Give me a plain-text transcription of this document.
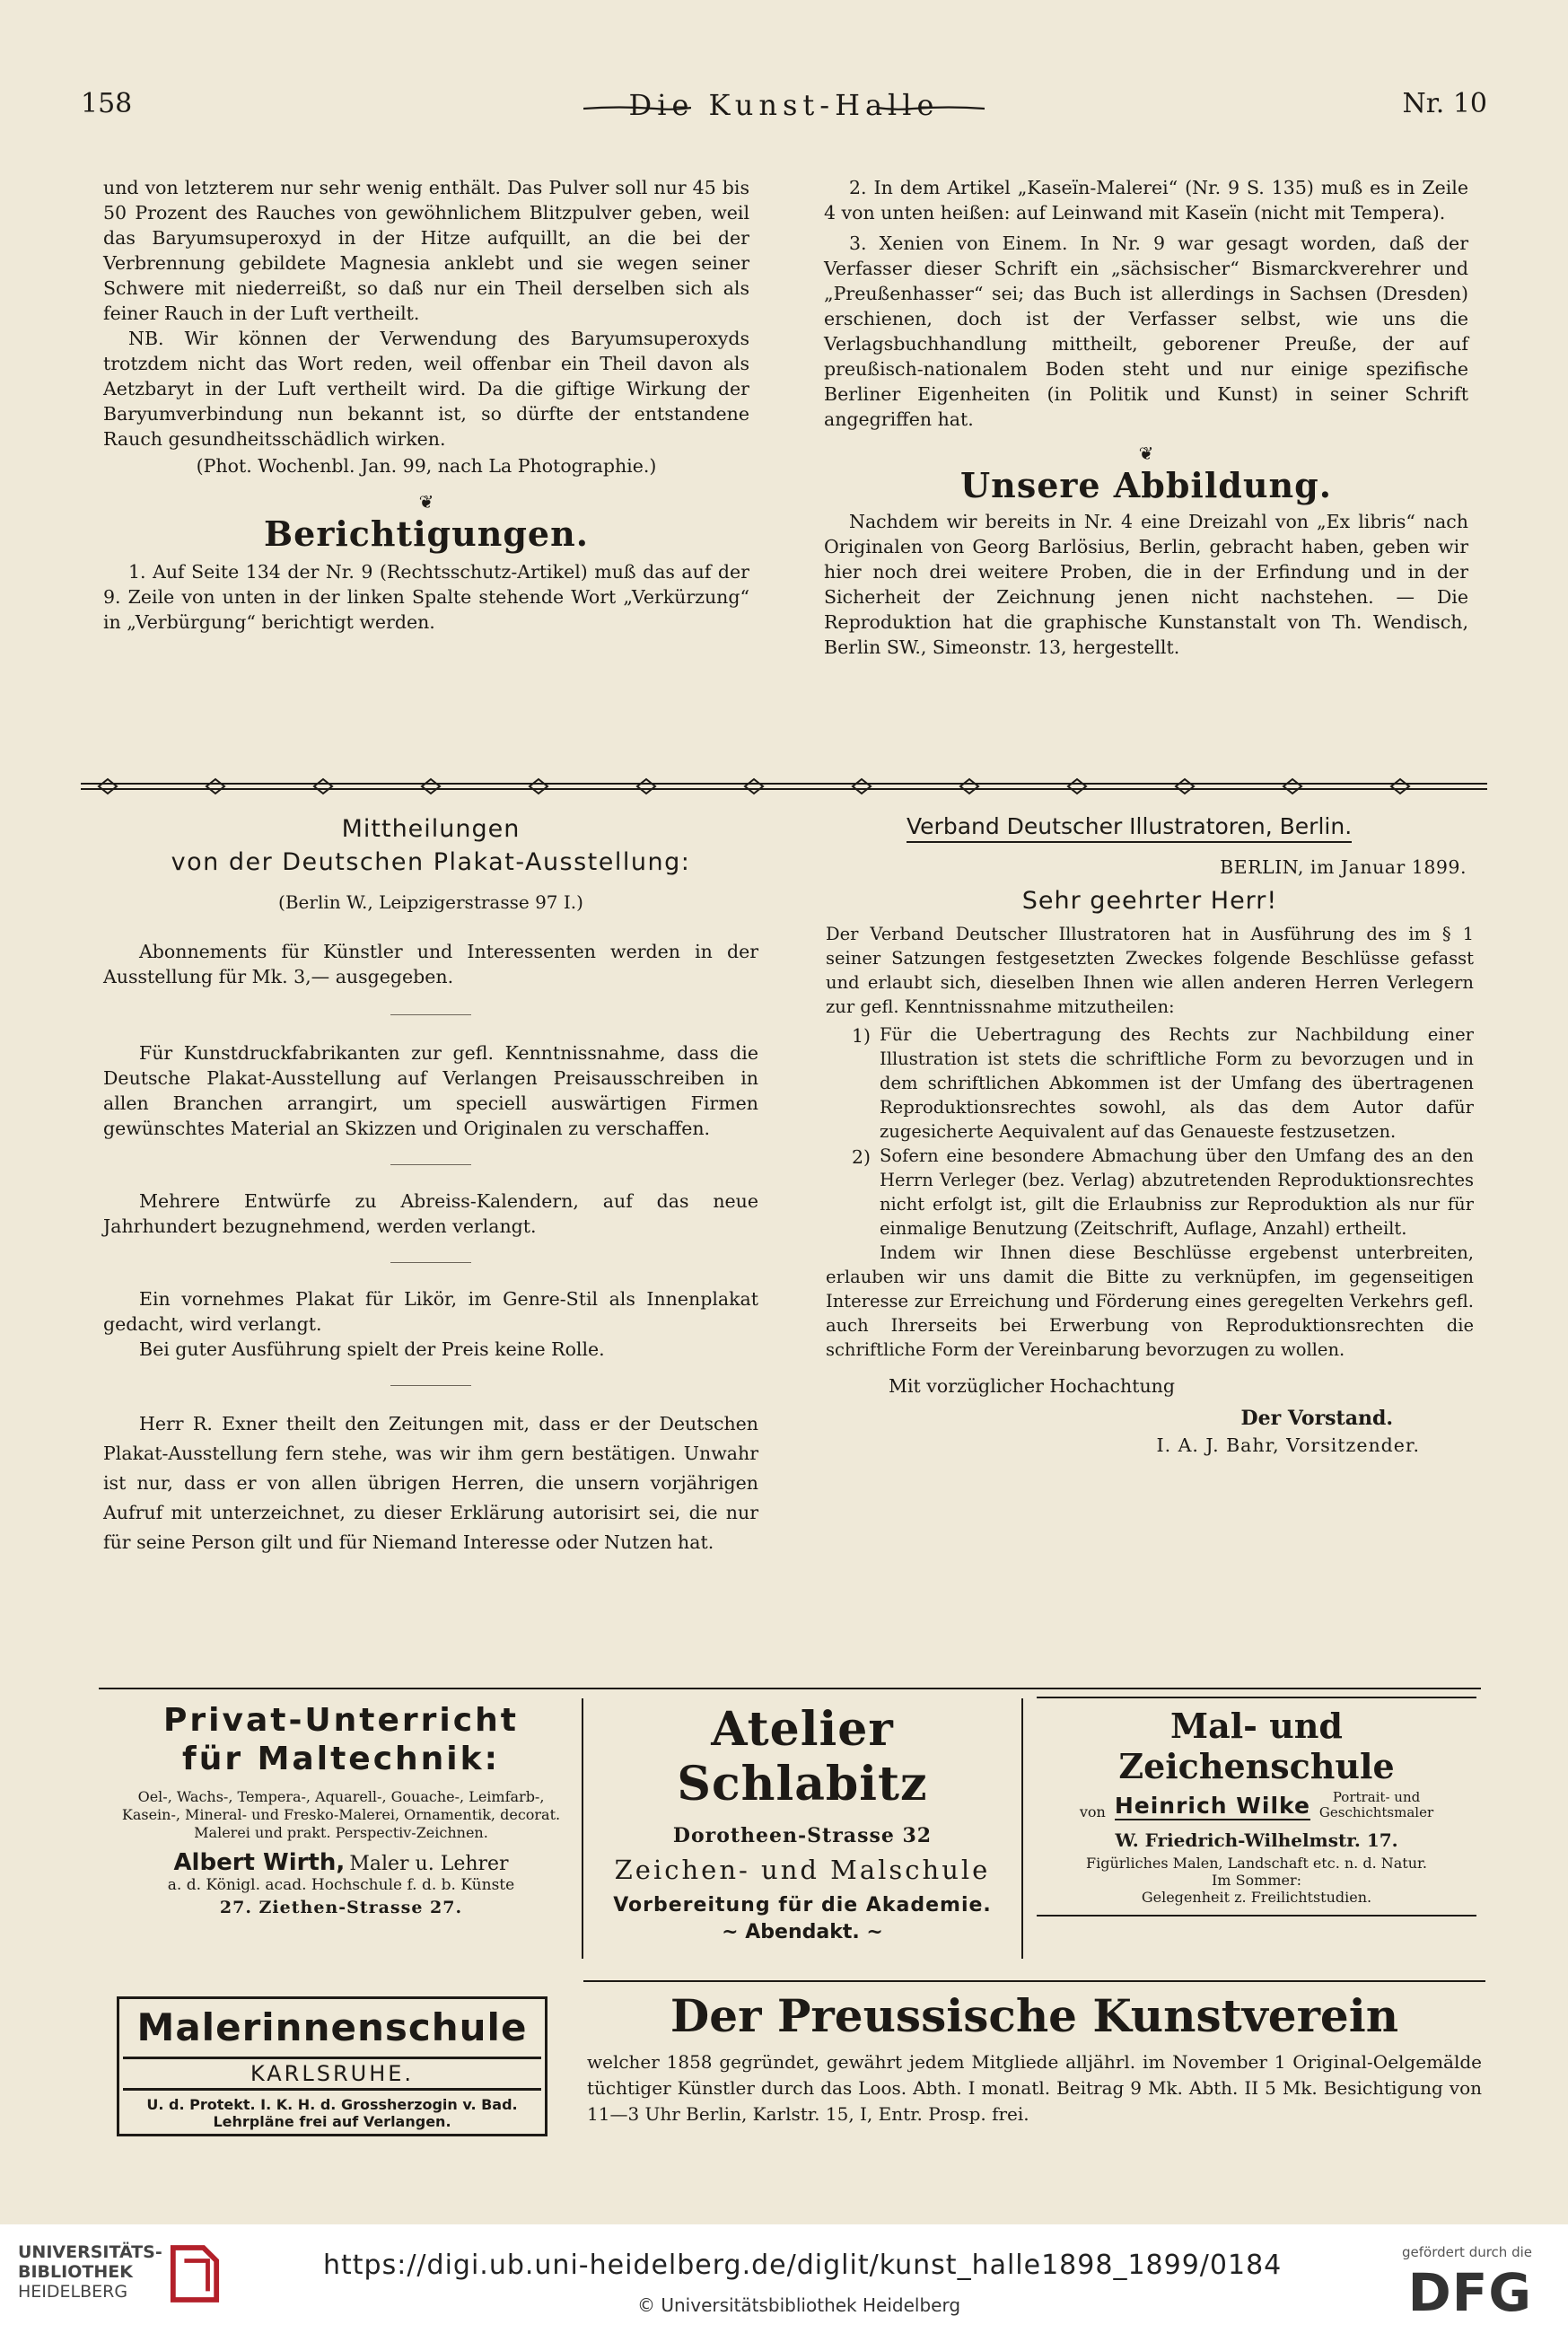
158	Die Kunst-Halle	Nr. 10

und von letzterem nur sehr wenig enthält. Das Pulver soll nur 45 bis 50 Prozent des Rauches von gewöhnlichem Blitzpulver geben, weil das Baryumsuperoxyd in der Hitze aufquillt, an die bei der Verbrennung gebildete Magnesia anklebt und sie wegen seiner Schwere mit niederreißt, so daß nur ein Theil derselben sich als feiner Rauch in der Luft vertheilt.

NB. Wir können der Verwendung des Baryumsuperoxyds trotzdem nicht das Wort reden, weil offenbar ein Theil davon als Aetzbaryt in der Luft vertheilt wird. Da die giftige Wirkung der Baryumverbindung nun bekannt ist, so dürfte der entstandene Rauch gesundheitsschädlich wirken.

(Phot. Wochenbl. Jan. 99, nach La Photographie.)

❦
Berichtigungen.

1. Auf Seite 134 der Nr. 9 (Rechtsschutz-Artikel) muß das auf der 9. Zeile von unten in der linken Spalte stehende Wort „Verkürzung“ in „Verbürgung“ berichtigt werden.

2. In dem Artikel „Kaseïn-Malerei“ (Nr. 9 S. 135) muß es in Zeile 4 von unten heißen: auf Leinwand mit Kaseïn (nicht mit Tempera).

3. Xenien von Einem. In Nr. 9 war gesagt worden, daß der Verfasser dieser Schrift ein „sächsischer“ Bismarckverehrer und „Preußenhasser“ sei; das Buch ist allerdings in Sachsen (Dresden) erschienen, doch ist der Verfasser selbst, wie uns die Verlagsbuchhandlung mittheilt, geborener Preuße, der auf preußisch-nationalem Boden steht und nur einige spezifische Berliner Eigenheiten (in Politik und Kunst) in seiner Schrift angegriffen hat.

❦
Unsere Abbildung.

Nachdem wir bereits in Nr. 4 eine Dreizahl von „Ex libris“ nach Originalen von Georg Barlösius, Berlin, gebracht haben, geben wir hier noch drei weitere Proben, die in der Erfindung und in der Sicherheit der Zeichnung jenen nicht nachstehen. — Die Reproduktion hat die graphische Kunstanstalt von Th. Wendisch, Berlin SW., Simeonstr. 13, hergestellt.

Mittheilungen
von der Deutschen Plakat-Ausstellung:
(Berlin W., Leipzigerstrasse 97 I.)

Abonnements für Künstler und Interessenten werden in der Ausstellung für Mk. 3,— ausgegeben.

Für Kunstdruckfabrikanten zur gefl. Kenntnissnahme, dass die Deutsche Plakat-Ausstellung auf Verlangen Preisausschreiben in allen Branchen arrangirt, um speciell auswärtigen Firmen gewünschtes Material an Skizzen und Originalen zu verschaffen.

Mehrere Entwürfe zu Abreiss-Kalendern, auf das neue Jahrhundert bezugnehmend, werden verlangt.

Ein vornehmes Plakat für Likör, im Genre-Stil als Innenplakat gedacht, wird verlangt.

Bei guter Ausführung spielt der Preis keine Rolle.

Herr R. Exner theilt den Zeitungen mit, dass er der Deutschen Plakat-Ausstellung fern stehe, was wir ihm gern bestätigen. Unwahr ist nur, dass er von allen übrigen Herren, die unsern vorjährigen Aufruf mit unterzeichnet, zu dieser Erklärung autorisirt sei, die nur für seine Person gilt und für Niemand Interesse oder Nutzen hat.

Verband Deutscher Illustratoren, Berlin.
BERLIN, im Januar 1899.
Sehr geehrter Herr!

Der Verband Deutscher Illustratoren hat in Ausführung des im § 1 seiner Satzungen festgesetzten Zweckes folgende Beschlüsse gefasst und erlaubt sich, dieselben Ihnen wie allen anderen Herren Verlegern zur gefl. Kenntnissnahme mitzutheilen:

1) Für die Uebertragung des Rechts zur Nachbildung einer Illustration ist stets die schriftliche Form zu bevorzugen und in dem schriftlichen Abkommen ist der Umfang des übertragenen Reproduktionsrechtes sowohl, als das dem Autor dafür zugesicherte Aequivalent auf das Genaueste festzusetzen.
2) Sofern eine besondere Abmachung über den Umfang des an den Herrn Verleger (bez. Verlag) abzutretenden Reproduktionsrechtes nicht erfolgt ist, gilt die Erlaubniss zur Reproduktion als nur für einmalige Benutzung (Zeitschrift, Auflage, Anzahl) ertheilt.

Indem wir Ihnen diese Beschlüsse ergebenst unterbreiten, erlauben wir uns damit die Bitte zu verknüpfen, im gegenseitigen Interesse zur Erreichung und Förderung eines geregelten Verkehrs gefl. auch Ihrerseits bei Erwerbung von Reproduktionsrechten die schriftliche Form der Vereinbarung bevorzugen zu wollen.

Mit vorzüglicher Hochachtung

Der Vorstand.
I. A. J. Bahr, Vorsitzender.
Privat-Unterricht
für Maltechnik:
Oel-, Wachs-, Tempera-, Aquarell-, Gouache-, Leimfarb-, Kasein-, Mineral- und Fresko-Malerei, Ornamentik, decorat. Malerei und prakt. Perspectiv-Zeichnen.
Albert Wirth, Maler u. Lehrer
a. d. Königl. acad. Hochschule f. d. b. Künste
27. Ziethen-Strasse 27.
Atelier Schlabitz
Dorotheen-Strasse 32
Zeichen- und Malschule
Vorbereitung für die Akademie.
~ Abendakt. ~
Mal- und Zeichenschule
von Heinrich Wilke	Portrait- und
Geschichtsmaler
W. Friedrich-Wilhelmstr. 17.
Figürliches Malen, Landschaft etc. n. d. Natur.
Im Sommer:
Gelegenheit z. Freilichtstudien.
Malerinnenschule
KARLSRUHE.
U. d. Protekt. I. K. H. d. Grossherzogin v. Bad.
Lehrpläne frei auf Verlangen.
Der Preussische Kunstverein
welcher 1858 gegründet, gewährt jedem Mitgliede alljährl. im November 1 Original-Oelgemälde tüchtiger Künstler durch das Loos. Abth. I monatl. Beitrag 9 Mk. Abth. II 5 Mk. Besichtigung von 11—3 Uhr Berlin, Karlstr. 15, I, Entr. Prosp. frei.
UNIVERSITÄTS-
BIBLIOTHEK
HEIDELBERG
https://digi.ub.uni-heidelberg.de/diglit/kunst_halle1898_1899/0184
© Universitätsbibliothek Heidelberg
gefördert durch die
DFG
